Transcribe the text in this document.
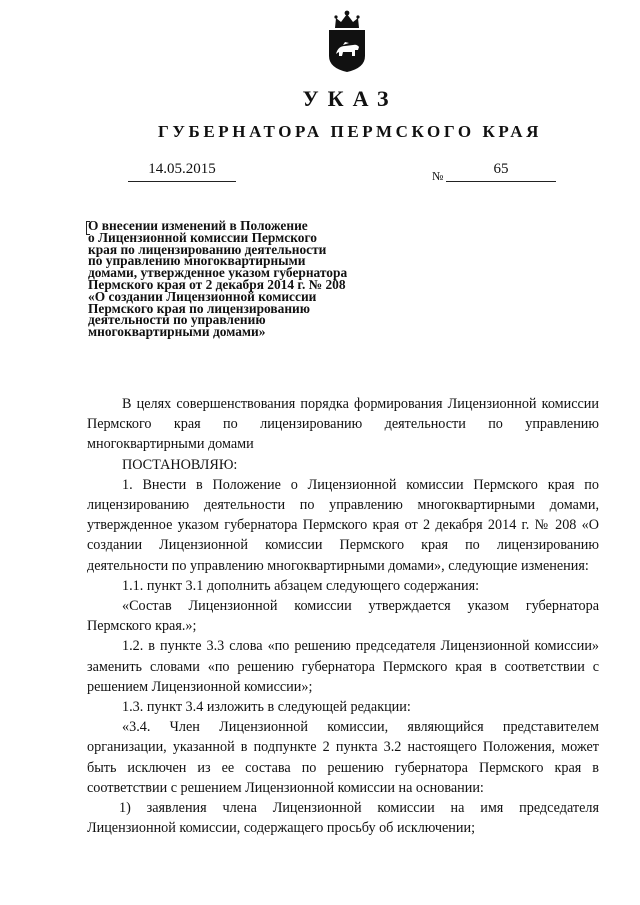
УКАЗ
ГУБЕРНАТОРА ПЕРМСКОГО КРАЯ
14.05.2015	№	65
О внесении изменений в Положение
о Лицензионной комиссии Пермского
края по лицензированию деятельности
по управлению многоквартирными
домами, утвержденное указом губернатора
Пермского края от 2 декабря 2014 г. № 208
«О создании Лицензионной комиссии
Пермского края по лицензированию
деятельности по управлению
многоквартирными домами»

В целях совершенствования порядка формирования Лицензионной комиссии Пермского края по лицензированию деятельности по управлению многоквартирными домами

ПОСТАНОВЛЯЮ:

1. Внести в Положение о Лицензионной комиссии Пермского края по лицензированию деятельности по управлению многоквартирными домами, утвержденное указом губернатора Пермского края от 2 декабря 2014 г. № 208 «О создании Лицензионной комиссии Пермского края по лицензированию деятельности по управлению многоквартирными домами», следующие изменения:

1.1. пункт 3.1 дополнить абзацем следующего содержания:

«Состав Лицензионной комиссии утверждается указом губернатора Пермского края.»;

1.2. в пункте 3.3 слова «по решению председателя Лицензионной комиссии» заменить словами «по решению губернатора Пермского края в соответствии с решением Лицензионной комиссии»;

1.3. пункт 3.4 изложить в следующей редакции:

«3.4. Член Лицензионной комиссии, являющийся представителем организации, указанной в подпункте 2 пункта 3.2 настоящего Положения, может быть исключен из ее состава по решению губернатора Пермского края в соответствии с решением Лицензионной комиссии на основании:

1) заявления члена Лицензионной комиссии на имя председателя Лицензионной комиссии, содержащего просьбу об исключении;
